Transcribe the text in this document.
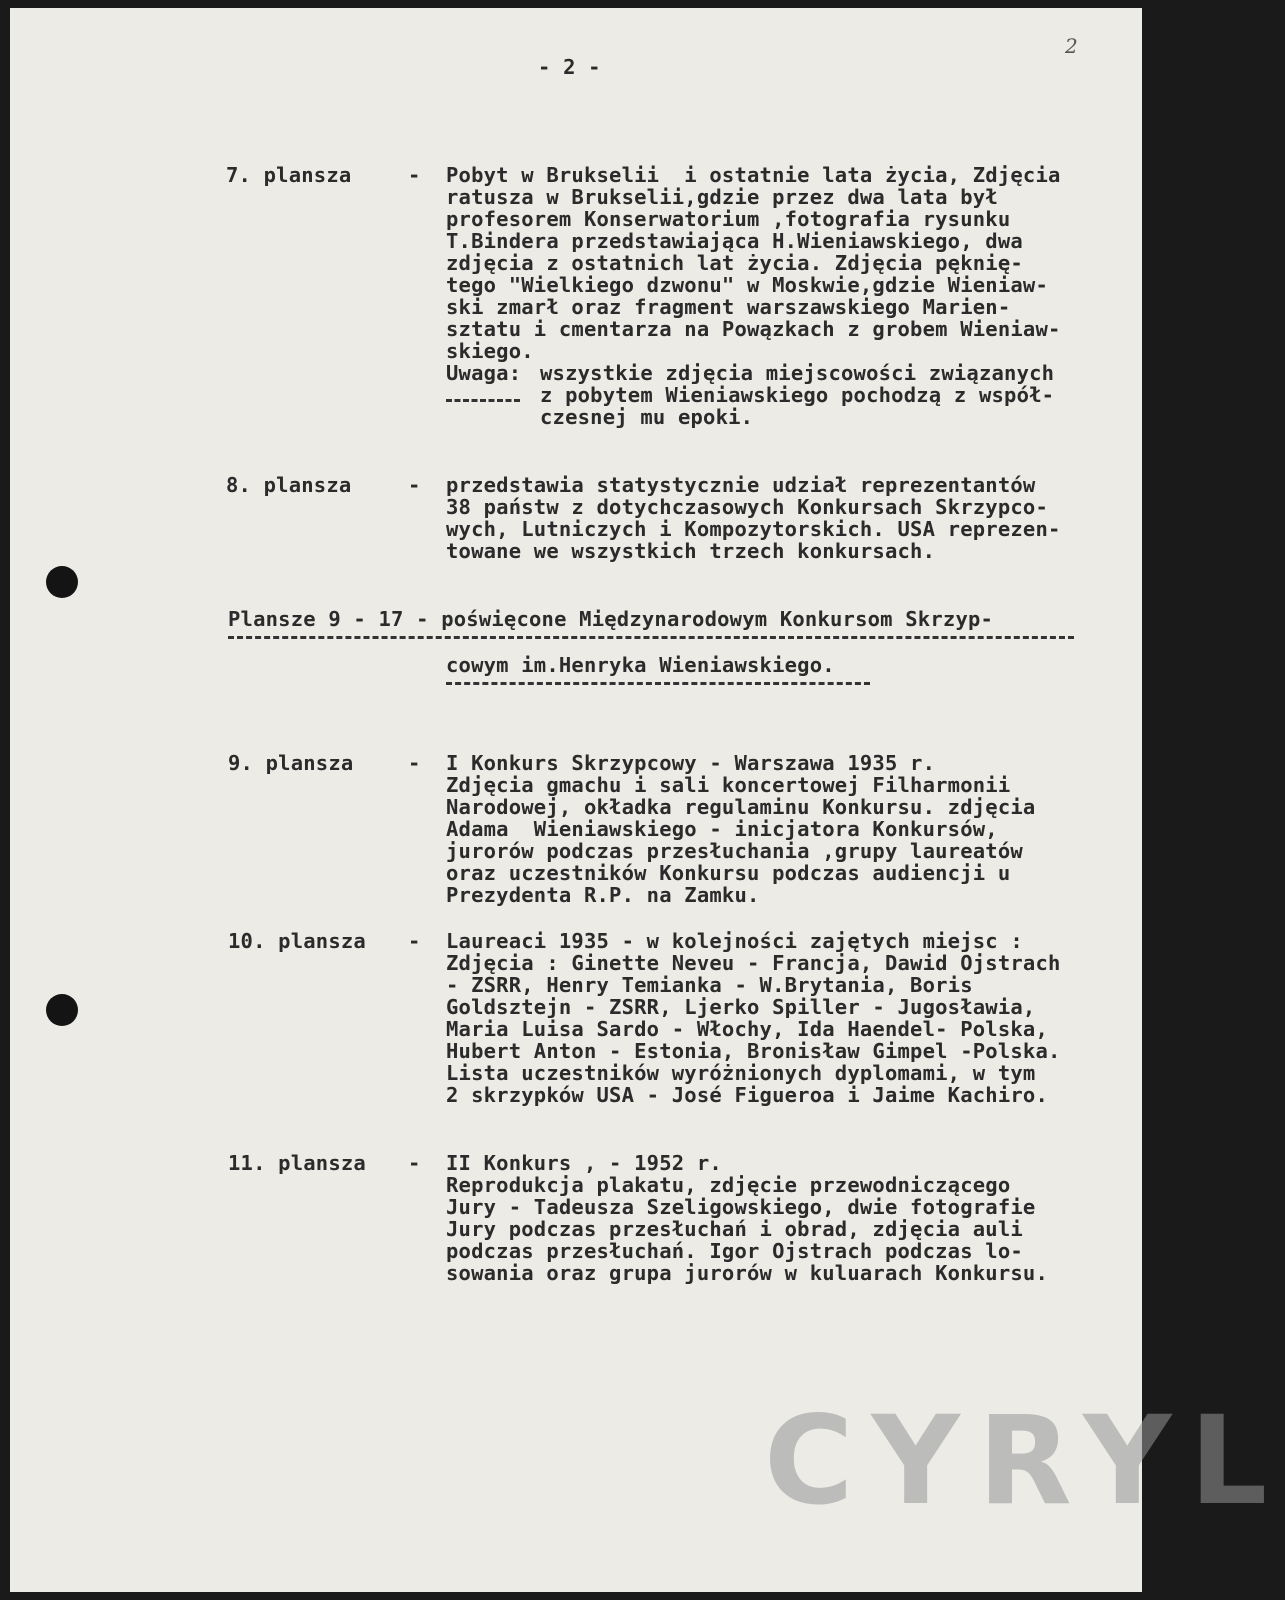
2
- 2 -
7. plansza	- Pobyt w Brukselii  i ostatnie lata życia, Zdjęcia
ratusza w Brukselii,gdzie przez dwa lata był
profesorem Konserwatorium ,fotografia rysunku
T.Bindera przedstawiająca H.Wieniawskiego, dwa
zdjęcia z ostatnich lat życia. Zdjęcia pęknię-
tego "Wielkiego dzwonu" w Moskwie,gdzie Wieniaw-
ski zmarł oraz fragment warszawskiego Marien-
sztatu i cmentarza na Powązkach z grobem Wieniaw-
skiego.
Uwaga: wszystkie zdjęcia miejscowości związanych
z pobytem Wieniawskiego pochodzą z współ-
czesnej mu epoki.
8. plansza	- przedstawia statystycznie udział reprezentantów
38 państw z dotychczasowych Konkursach Skrzypco-
wych, Lutniczych i Kompozytorskich. USA reprezen-
towane we wszystkich trzech konkursach.
Plansze 9 - 17 - poświęcone Międzynarodowym Konkursom Skrzyp-
cowym im.Henryka Wieniawskiego.
9. plansza	- I Konkurs Skrzypcowy - Warszawa 1935 r.
Zdjęcia gmachu i sali koncertowej Filharmonii
Narodowej, okładka regulaminu Konkursu. zdjęcia
Adama  Wieniawskiego - inicjatora Konkursów,
jurorów podczas przesłuchania ,grupy laureatów
oraz uczestników Konkursu podczas audiencji u
Prezydenta R.P. na Zamku.
10. plansza - Laureaci 1935 - w kolejności zajętych miejsc :
Zdjęcia : Ginette Neveu - Francja, Dawid Ojstrach
- ZSRR, Henry Temianka - W.Brytania, Boris
Goldsztejn - ZSRR, Ljerko Spiller - Jugosławia,
Maria Luisa Sardo - Włochy, Ida Haendel- Polska,
Hubert Anton - Estonia, Bronisław Gimpel -Polska.
Lista uczestników wyróżnionych dyplomami, w tym
2 skrzypków USA - José Figueroa i Jaime Kachiro.
11. plansza - II Konkurs , - 1952 r.
Reprodukcja plakatu, zdjęcie przewodniczącego
Jury - Tadeusza Szeligowskiego, dwie fotografie
Jury podczas przesłuchań i obrad, zdjęcia auli
podczas przesłuchań. Igor Ojstrach podczas lo-
sowania oraz grupa jurorów w kuluarach Konkursu.
CYRYL
